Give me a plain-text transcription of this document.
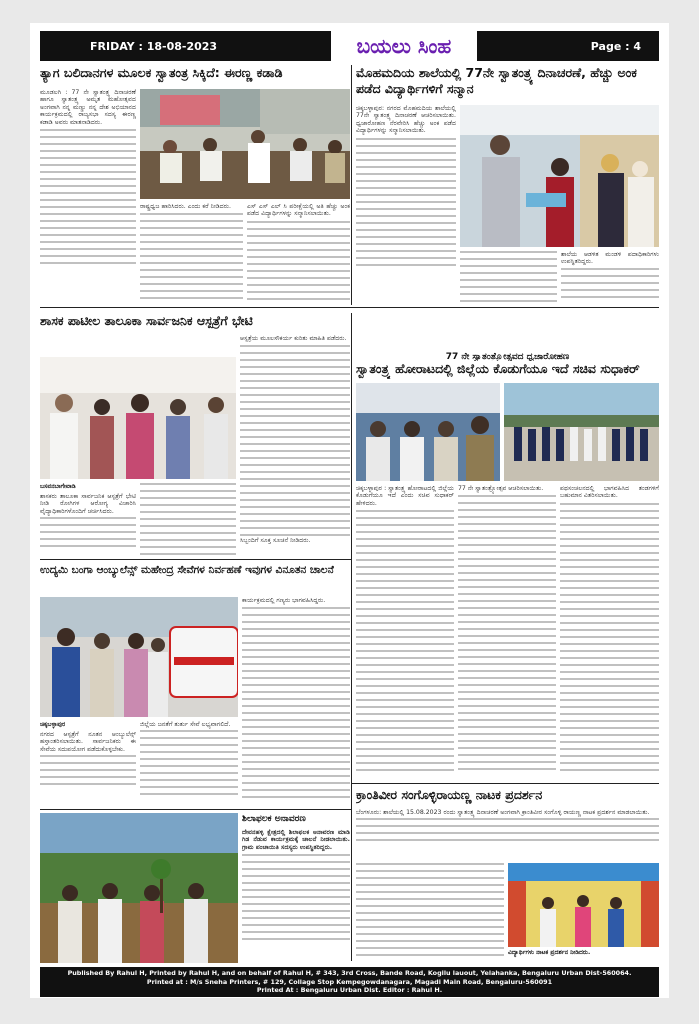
FRIDAY : 18-08-2023	ಬಯಲು ಸಿಂಹ	Page : 4
ತ್ಯಾಗ ಬಲಿದಾನಗಳ ಮೂಲಕ ಸ್ವಾತಂತ್ರ ಸಿಕ್ಕಿದೆ: ಈರಣ್ಣ ಕಡಾಡಿ
ಮೂಡಲಗಿ : 77 ನೇ ಸ್ವಾತಂತ್ರ್ಯ ದಿನಾಚರಣೆ ಹಾಗೂ ಸ್ವಾತಂತ್ರ್ಯ ಅಮೃತ ಮಹೋತ್ಸವದ ಅಂಗವಾಗಿ ನನ್ನ ಮಣ್ಣು ನನ್ನ ದೇಶ ಅಭಿಯಾನದ ಕಾರ್ಯಕ್ರಮದಲ್ಲಿ ರಾಜ್ಯಸಭಾ ಸದಸ್ಯ ಈರಣ್ಣ ಕಡಾಡಿ ಅವರು ಮಾತನಾಡಿದರು.
ರಾಷ್ಟ್ರಧ್ವಜ ಹಾರಿಸಿದರು. ಎಂದು ಕರೆ ನೀಡಿದರು.	ಎಸ್ ಎಸ್ ಎಲ್ ಸಿ ಪರೀಕ್ಷೆಯಲ್ಲಿ ಅತಿ ಹೆಚ್ಚು ಅಂಕ ಪಡೆದ ವಿದ್ಯಾರ್ಥಿಗಳನ್ನು ಸನ್ಮಾನಿಸಲಾಯಿತು.
ಮೊಹಮದಿಯ ಶಾಲೆಯಲ್ಲಿ 77ನೇ ಸ್ವಾತಂತ್ರ್ಯ ದಿನಾಚರಣೆ, ಹೆಚ್ಚು ಅಂಕ ಪಡೆದ ವಿದ್ಯಾರ್ಥಿಗಳಿಗೆ ಸನ್ಮಾನ
ಚಿಕ್ಕಬಳ್ಳಾಪುರ: ನಗರದ ಮೊಹಮದಿಯ ಶಾಲೆಯಲ್ಲಿ 77ನೇ ಸ್ವಾತಂತ್ರ್ಯ ದಿನಾಚರಣೆ ಆಚರಿಸಲಾಯಿತು. ಧ್ವಜಾರೋಹಣ ನೆರವೇರಿಸಿ ಹೆಚ್ಚು ಅಂಕ ಪಡೆದ ವಿದ್ಯಾರ್ಥಿಗಳನ್ನು ಸನ್ಮಾನಿಸಲಾಯಿತು.
ಶಾಲೆಯ ಆಡಳಿತ ಮಂಡಳಿ ಪದಾಧಿಕಾರಿಗಳು ಉಪಸ್ಥಿತರಿದ್ದರು.
ಶಾಸಕ ಪಾಟೀಲ ತಾಲೂಕಾ ಸಾರ್ವಜನಿಕ ಆಸ್ಪತ್ರೆಗೆ ಭೇಟಿ
ಬಸವನಬಾಗೇವಾಡಿ
ಶಾಸಕರು ತಾಲೂಕಾ ಸಾರ್ವಜನಿಕ ಆಸ್ಪತ್ರೆಗೆ ಭೇಟಿ ನೀಡಿ ರೋಗಿಗಳ ಆರೋಗ್ಯ ವಿಚಾರಿಸಿ ವೈದ್ಯಾಧಿಕಾರಿಗಳೊಂದಿಗೆ ಚರ್ಚಿಸಿದರು.
ಆಸ್ಪತ್ರೆಯ ಮೂಲಸೌಕರ್ಯ ಕುರಿತು ಮಾಹಿತಿ ಪಡೆದರು.
ಸಿಬ್ಬಂದಿಗೆ ಸೂಕ್ತ ಸೂಚನೆ ನೀಡಿದರು.
77 ನೇ ಸ್ವಾತಂತ್ರ್ಯೋತ್ಸವದ ಧ್ವಜಾರೋಹಣ
ಸ್ವಾತಂತ್ರ್ಯ ಹೋರಾಟದಲ್ಲಿ ಜಿಲ್ಲೆಯ ಕೊಡುಗೆಯೂ ಇದೆ ಸಚಿವ ಸುಧಾಕರ್
ಚಿಕ್ಕಬಳ್ಳಾಪುರ : ಸ್ವಾತಂತ್ರ್ಯ ಹೋರಾಟದಲ್ಲಿ ಜಿಲ್ಲೆಯ ಕೊಡುಗೆಯೂ ಇದೆ ಎಂದು ಸಚಿವ ಸುಧಾಕರ್ ಹೇಳಿದರು.
77 ನೇ ಸ್ವಾತಂತ್ರ್ಯೋತ್ಸವ ಆಚರಿಸಲಾಯಿತು.	ಪಥಸಂಚಲನದಲ್ಲಿ ಭಾಗವಹಿಸಿದ ತಂಡಗಳಿಗೆ ಬಹುಮಾನ ವಿತರಿಸಲಾಯಿತು.
ಉದ್ಯಮಿ ಬಂಗಾ ಆಂಬ್ಯುಲೆನ್ಸ್ ಮಹೇಂದ್ರ ಸೇವೆಗಳ ನಿರ್ವಹಣೆ ಇವುಗಳ ವಿನೂತನ ಚಾಲನೆ
ಚಿಕ್ಕಬಳ್ಳಾಪುರ
ನಗರದ ಆಸ್ಪತ್ರೆಗೆ ನೂತನ ಆಂಬ್ಯುಲೆನ್ಸ್ ಹಸ್ತಾಂತರಿಸಲಾಯಿತು. ಸಾರ್ವಜನಿಕರು ಈ ಸೇವೆಯ ಸದುಪಯೋಗ ಪಡೆದುಕೊಳ್ಳಬೇಕು.
ಜಿಲ್ಲೆಯ ಜನತೆಗೆ ತುರ್ತು ಸೇವೆ ಲಭ್ಯವಾಗಲಿದೆ.
ಕಾರ್ಯಕ್ರಮದಲ್ಲಿ ಗಣ್ಯರು ಭಾಗವಹಿಸಿದ್ದರು.
ಶಿಲಾಫಲಕ ಅನಾವರಣ
ದೇವನಹಳ್ಳಿ ಕ್ಷೇತ್ರದಲ್ಲಿ ಶಿಲಾಫಲಕ ಅನಾವರಣ ಮಾಡಿ ಗಿಡ ನೆಡುವ ಕಾರ್ಯಕ್ರಮಕ್ಕೆ ಚಾಲನೆ ನೀಡಲಾಯಿತು. ಗ್ರಾಮ ಪಂಚಾಯಿತಿ ಸದಸ್ಯರು ಉಪಸ್ಥಿತರಿದ್ದರು.
ಕ್ರಾಂತಿವೀರ ಸಂಗೊಳ್ಳಿರಾಯಣ್ಣ ನಾಟಕ ಪ್ರದರ್ಶನ
ಬೆಂಗಳೂರು: ಶಾಲೆಯಲ್ಲಿ 15.08.2023 ರಂದು ಸ್ವಾತಂತ್ರ್ಯ ದಿನಾಚರಣೆ ಅಂಗವಾಗಿ ಕ್ರಾಂತಿವೀರ ಸಂಗೊಳ್ಳಿ ರಾಯಣ್ಣ ನಾಟಕ ಪ್ರದರ್ಶನ ಮಾಡಲಾಯಿತು.
ವಿದ್ಯಾರ್ಥಿಗಳು ನಾಟಕ ಪ್ರದರ್ಶನ ನೀಡಿದರು.
Published By Rahul H, Printed by Rahul H, and on behalf of Rahul H, # 343, 3rd Cross, Bande Road, Kogilu lauout, Yelahanka, Bengaluru Urban Dist-560064.
Printed at : M/s Sneha Printers, # 129, Collage Stop Kempegowdanagara, Magadi Main Road, Bengaluru-560091
Printed At : Bengaluru Urban Dist. Editor : Rahul H.
